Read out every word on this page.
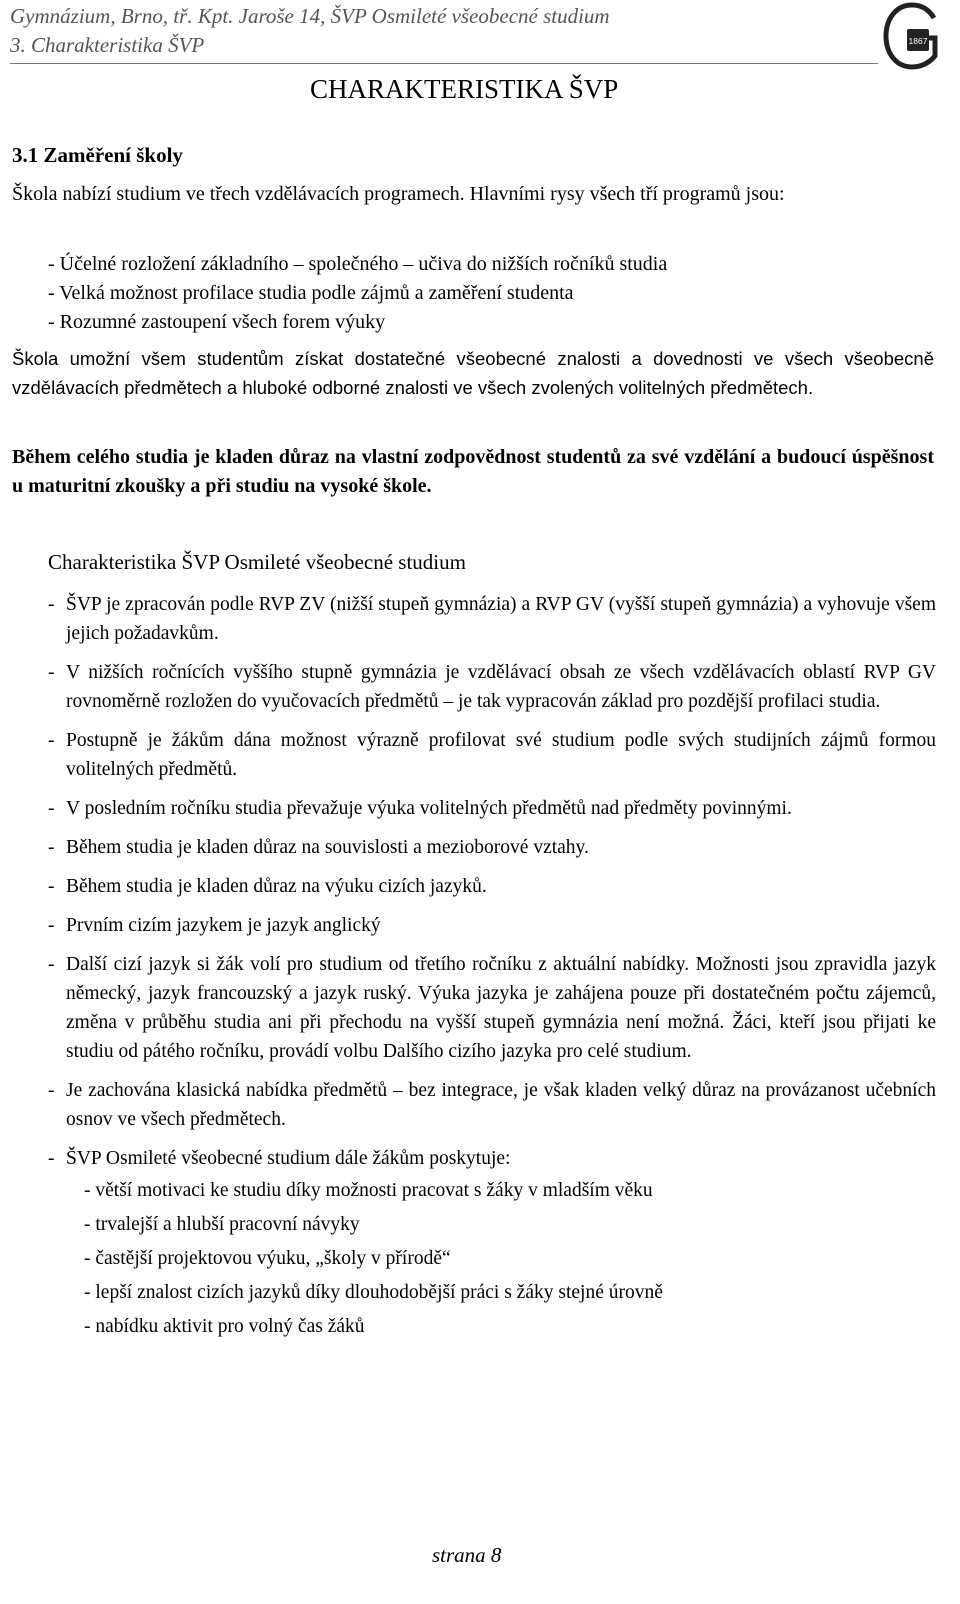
Gymnázium, Brno, tř. Kpt. Jaroše 14, ŠVP Osmileté všeobecné studium
3. Charakteristika ŠVP	1867
CHARAKTERISTIKA ŠVP
3.1 Zaměření školy
Škola nabízí studium ve třech vzdělávacích programech. Hlavními rysy všech tří programů jsou:
- Účelné rozložení základního – společného – učiva do nižších ročníků studia
- Velká možnost profilace studia podle zájmů a zaměření studenta
- Rozumné zastoupení všech forem výuky
Škola umožní všem studentům získat dostatečné všeobecné znalosti a dovednosti ve všech všeobecně vzdělávacích předmětech a hluboké odborné znalosti ve všech zvolených volitelných předmětech.
Během celého studia je kladen důraz na vlastní zodpovědnost studentů za své vzdělání a budoucí úspěšnost u maturitní zkoušky a při studiu na vysoké škole.
Charakteristika ŠVP Osmileté všeobecné studium
- ŠVP je zpracován podle RVP ZV (nižší stupeň gymnázia) a RVP GV (vyšší stupeň gymnázia) a vyhovuje všem jejich požadavkům.
- V nižších ročnících vyššího stupně gymnázia je vzdělávací obsah ze všech vzdělávacích oblastí RVP GV rovnoměrně rozložen do vyučovacích předmětů – je tak vypracován základ pro pozdější profilaci studia.
- Postupně je žákům dána možnost výrazně profilovat své studium podle svých studijních zájmů formou volitelných předmětů.
- V posledním ročníku studia převažuje výuka volitelných předmětů nad předměty povinnými.
- Během studia je kladen důraz na souvislosti a mezioborové vztahy.
- Během studia je kladen důraz na výuku cizích jazyků.
- Prvním cizím jazykem je jazyk anglický
- Další cizí jazyk si žák volí pro studium od třetího ročníku z aktuální nabídky. Možnosti jsou zpravidla jazyk německý, jazyk francouzský a jazyk ruský. Výuka jazyka je zahájena pouze při dostatečném počtu zájemců, změna v průběhu studia ani při přechodu na vyšší stupeň gymnázia není možná. Žáci, kteří jsou přijati ke studiu od pátého ročníku, provádí volbu Dalšího cizího jazyka pro celé studium.
- Je zachována klasická nabídka předmětů – bez integrace, je však kladen velký důraz na provázanost učebních osnov ve všech předmětech.
- ŠVP Osmileté všeobecné studium dále žákům poskytuje:
- větší motivaci ke studiu díky možnosti pracovat s žáky v mladším věku
- trvalejší a hlubší pracovní návyky
- častější projektovou výuku, „školy v přírodě“
- lepší znalost cizích jazyků díky dlouhodobější práci s žáky stejné úrovně
- nabídku aktivit pro volný čas žáků
strana 8
